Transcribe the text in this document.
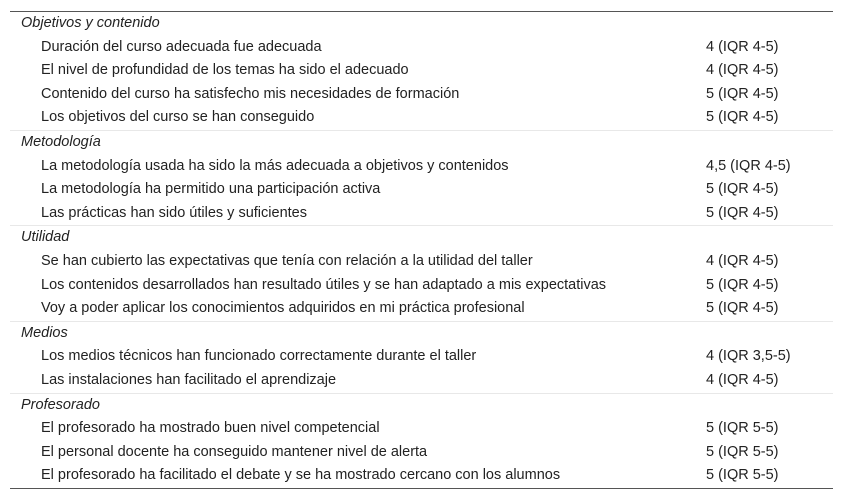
Objetivos y contenido
Duración del curso adecuada fue adecuada	4 (IQR 4-5)
El nivel de profundidad de los temas ha sido el adecuado	4 (IQR 4-5)
Contenido del curso ha satisfecho mis necesidades de formación	5 (IQR 4-5)
Los objetivos del curso se han conseguido	5 (IQR 4-5)
Metodología
La metodología usada ha sido la más adecuada a objetivos y contenidos	4,5 (IQR 4-5)
La metodología ha permitido una participación activa	5 (IQR 4-5)
Las prácticas han sido útiles y suficientes	5 (IQR 4-5)
Utilidad
Se han cubierto las expectativas que tenía con relación a la utilidad del taller	4 (IQR 4-5)
Los contenidos desarrollados han resultado útiles y se han adaptado a mis expectativas	5 (IQR 4-5)
Voy a poder aplicar los conocimientos adquiridos en mi práctica profesional	5 (IQR 4-5)
Medios
Los medios técnicos han funcionado correctamente durante el taller	4 (IQR 3,5-5)
Las instalaciones han facilitado el aprendizaje	4 (IQR 4-5)
Profesorado
El profesorado ha mostrado buen nivel competencial	5 (IQR 5-5)
El personal docente ha conseguido mantener nivel de alerta	5 (IQR 5-5)
El profesorado ha facilitado el debate y se ha mostrado cercano con los alumnos	5 (IQR 5-5)
